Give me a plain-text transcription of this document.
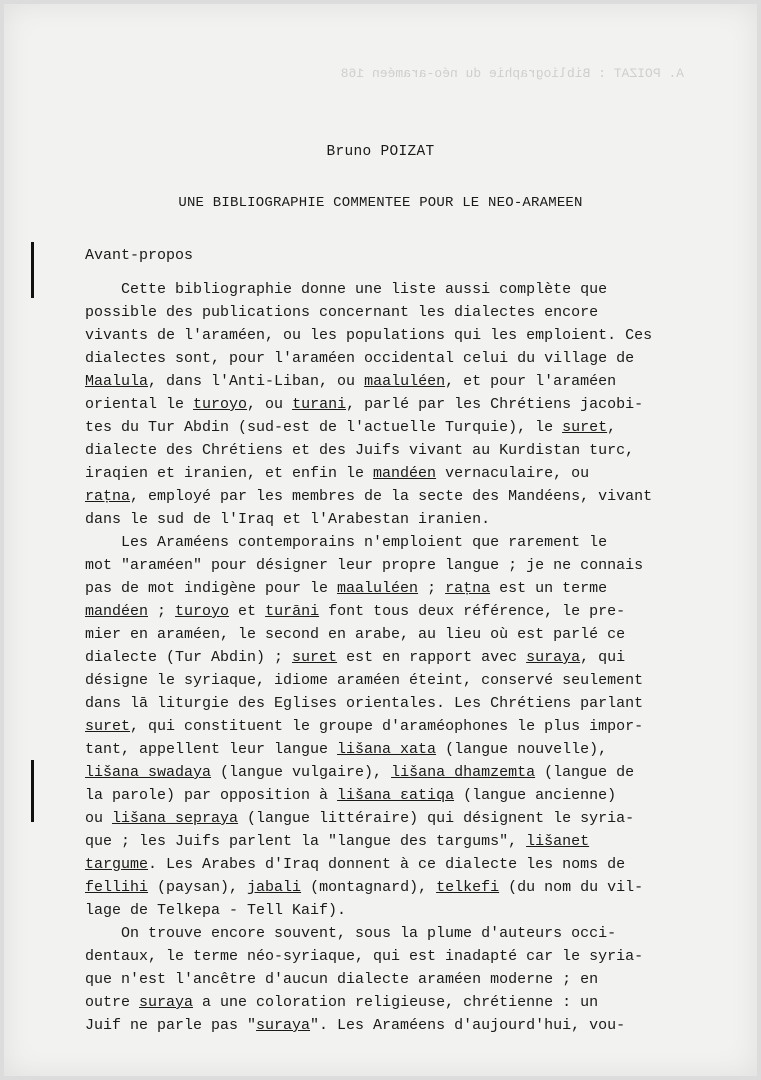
A. POIZAT : Bibliographie du néo-araméen 168
Bruno POIZAT
UNE BIBLIOGRAPHIE COMMENTEE POUR LE NEO-ARAMEEN
Avant-propos
Cette bibliographie donne une liste aussi complète que
possible des publications concernant les dialectes encore
vivants de l'araméen, ou les populations qui les emploient. Ces
dialectes sont, pour l'araméen occidental celui du village de
Maalula, dans l'Anti-Liban, ou maaluléen, et pour l'araméen
oriental le turoyo, ou turani, parlé par les Chrétiens jacobi-
tes du Tur Abdin (sud-est de l'actuelle Turquie), le suret,
dialecte des Chrétiens et des Juifs vivant au Kurdistan turc,
iraqien et iranien, et enfin le mandéen vernaculaire, ou
raṭna, employé par les membres de la secte des Mandéens, vivant
dans le sud de l'Iraq et l'Arabestan iranien.
Les Araméens contemporains n'emploient que rarement le
mot "araméen" pour désigner leur propre langue ; je ne connais
pas de mot indigène pour le maaluléen ; raṭna est un terme
mandéen ; turoyo et turāni font tous deux référence, le pre-
mier en araméen, le second en arabe, au lieu où est parlé ce
dialecte (Tur Abdin) ; suret est en rapport avec suraya, qui
désigne le syriaque, idiome araméen éteint, conservé seulement
dans lā liturgie des Eglises orientales. Les Chrétiens parlant
suret, qui constituent le groupe d'araméophones le plus impor-
tant, appellent leur langue lišana xata (langue nouvelle),
lišana swadaya (langue vulgaire), lišana dhamzemta (langue de
la parole) par opposition à lišana ɛatiqa (langue ancienne)
ou lišana sepraya (langue littéraire) qui désignent le syria-
que ; les Juifs parlent la "langue des targums", lišanet
targume. Les Arabes d'Iraq donnent à ce dialecte les noms de
fellihi (paysan), jabali (montagnard), telkefi (du nom du vil-
lage de Telkepa - Tell Kaif).
On trouve encore souvent, sous la plume d'auteurs occi-
dentaux, le terme néo-syriaque, qui est inadapté car le syria-
que n'est l'ancêtre d'aucun dialecte araméen moderne ; en
outre suraya a une coloration religieuse, chrétienne : un
Juif ne parle pas "suraya". Les Araméens d'aujourd'hui, vou-
